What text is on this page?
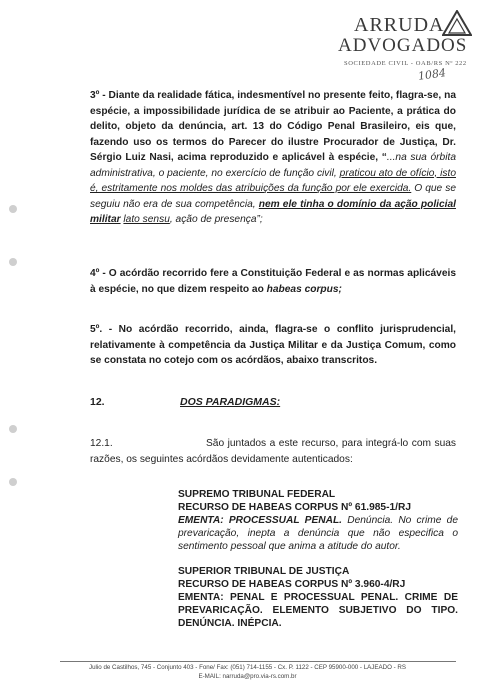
ARRUDA
ADVOGADOS
SOCIEDADE CIVIL - OAB/RS Nº 222
1084

3º - Diante da realidade fática, indesmentível no presente feito, flagra-se, na espécie, a impossibilidade jurídica de se atribuir ao Paciente, a prática do delito, objeto da denúncia, art. 13 do Código Penal Brasileiro, eis que, fazendo uso os termos do Parecer do ilustre Procurador de Justiça, Dr. Sérgio Luiz Nasi, acima reproduzido e aplicável à espécie, “...na sua órbita administrativa, o paciente, no exercício de função civil, praticou ato de ofício, isto é, estritamente nos moldes das atribuições da função por ele exercida. O que se seguiu não era de sua competência, nem ele tinha o domínio da ação policial militar lato sensu, ação de presença”;

4º - O acórdão recorrido fere a Constituição Federal e as normas aplicáveis à espécie, no que dizem respeito ao habeas corpus;

5º. - No acórdão recorrido, ainda, flagra-se o conflito jurisprudencial, relativamente à competência da Justiça Militar e da Justiça Comum, como se constata no cotejo com os acórdãos, abaixo transcritos.

12.	DOS PARADIGMAS:
12.1.	São juntados a este recurso, para integrá-lo com suas razões, os seguintes acórdãos devidamente autenticados:

SUPREMO TRIBUNAL FEDERAL

RECURSO DE HABEAS CORPUS Nº 61.985-1/RJ

EMENTA: PROCESSUAL PENAL. Denúncia. No crime de prevaricação, inepta a denúncia que não especifica o sentimento pessoal que anima a atitude do autor.

SUPERIOR TRIBUNAL DE JUSTIÇA

RECURSO DE HABEAS CORPUS Nº 3.960-4/RJ

EMENTA: PENAL E PROCESSUAL PENAL. CRIME DE PREVARICAÇÃO. ELEMENTO SUBJETIVO DO TIPO. DENÚNCIA. INÉPCIA.

Julio de Castilhos, 745 - Conjunto 403 - Fone/ Fax: (051) 714-1155 - Cx. P. 1122 - CEP 95900-000 - LAJEADO - RS
E-MAIL: narruda@pro.via-rs.com.br
